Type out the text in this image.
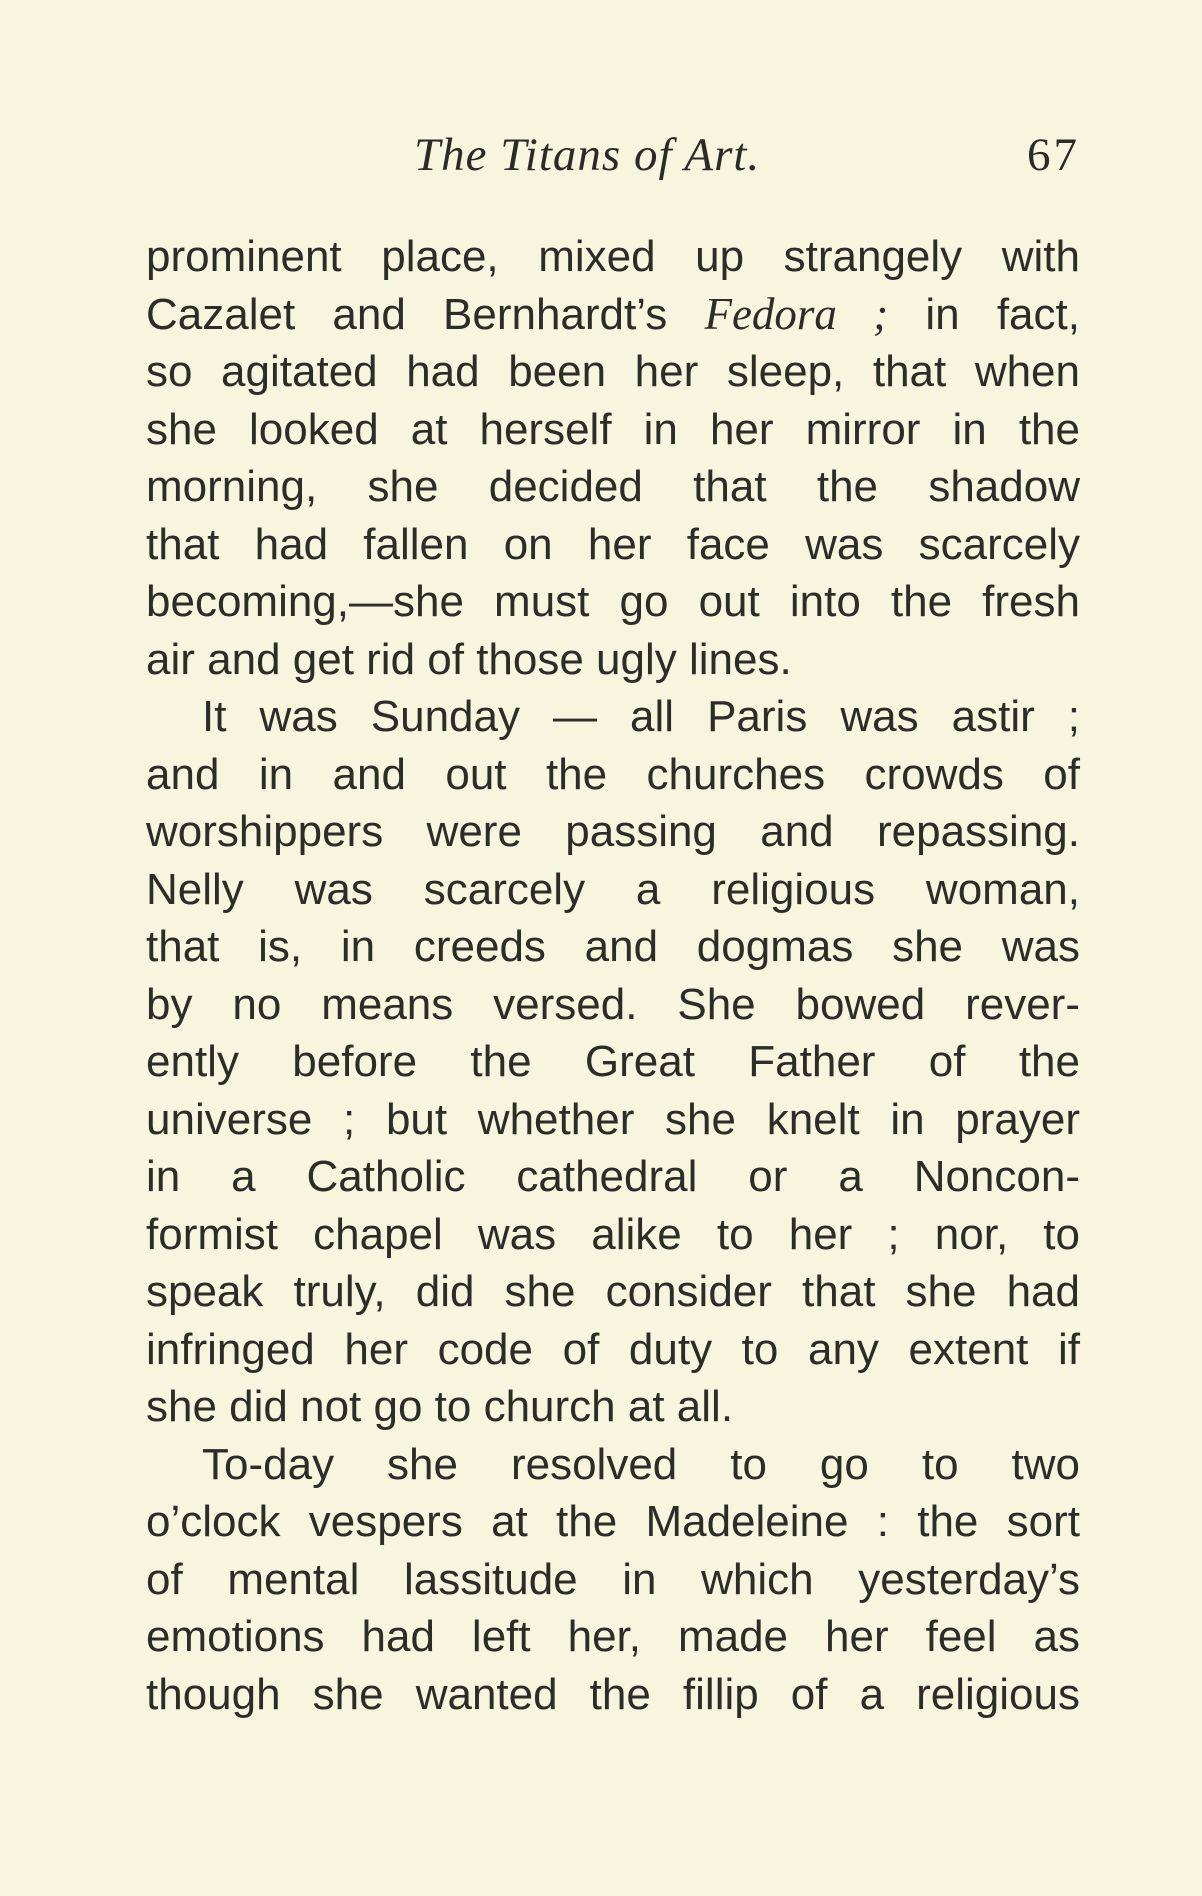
The Titans of Art.	67
prominent place, mixed up strangely with
Cazalet and Bernhardt’s Fedora ; in fact,
so agitated had been her sleep, that when
she looked at herself in her mirror in the
morning, she decided that the shadow
that had fallen on her face was scarcely
becoming,—she must go out into the fresh
air and get rid of those ugly lines.
It was Sunday — all Paris was astir ;
and in and out the churches crowds of
worshippers were passing and repassing.
Nelly was scarcely a religious woman,
that is, in creeds and dogmas she was
by no means versed. She bowed rever-
ently before the Great Father of the
universe ; but whether she knelt in prayer
in a Catholic cathedral or a Noncon-
formist chapel was alike to her ; nor, to
speak truly, did she consider that she had
infringed her code of duty to any extent if
she did not go to church at all.
To-day she resolved to go to two
o’clock vespers at the Madeleine : the sort
of mental lassitude in which yesterday’s
emotions had left her, made her feel as
though she wanted the fillip of a religious
